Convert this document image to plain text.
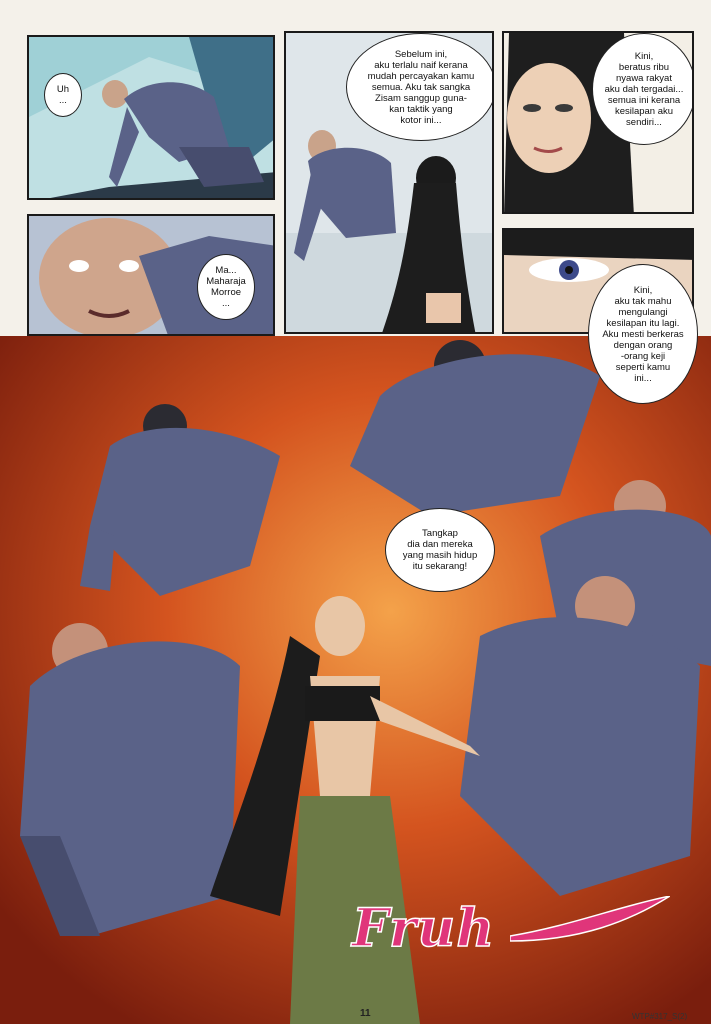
Uh
...
Sebelum ini,
aku terlalu naif kerana
mudah percayakan kamu
semua. Aku tak sangka
Zisam sanggup guna-
kan taktik yang
kotor ini...
Kini,
beratus ribu
nyawa rakyat
aku dah tergadai...
semua ini kerana
kesilapan aku
sendiri...
Ma...
Maharaja
Morroe
...
Kini,
aku tak mahu
mengulangi
kesilapan itu lagi.
Aku mesti berkeras
dengan orang
-orang keji
seperti kamu
ini...
Tangkap
dia dan mereka
yang masih hidup
itu sekarang!
Fruh
11	WTP#317_S(2)
